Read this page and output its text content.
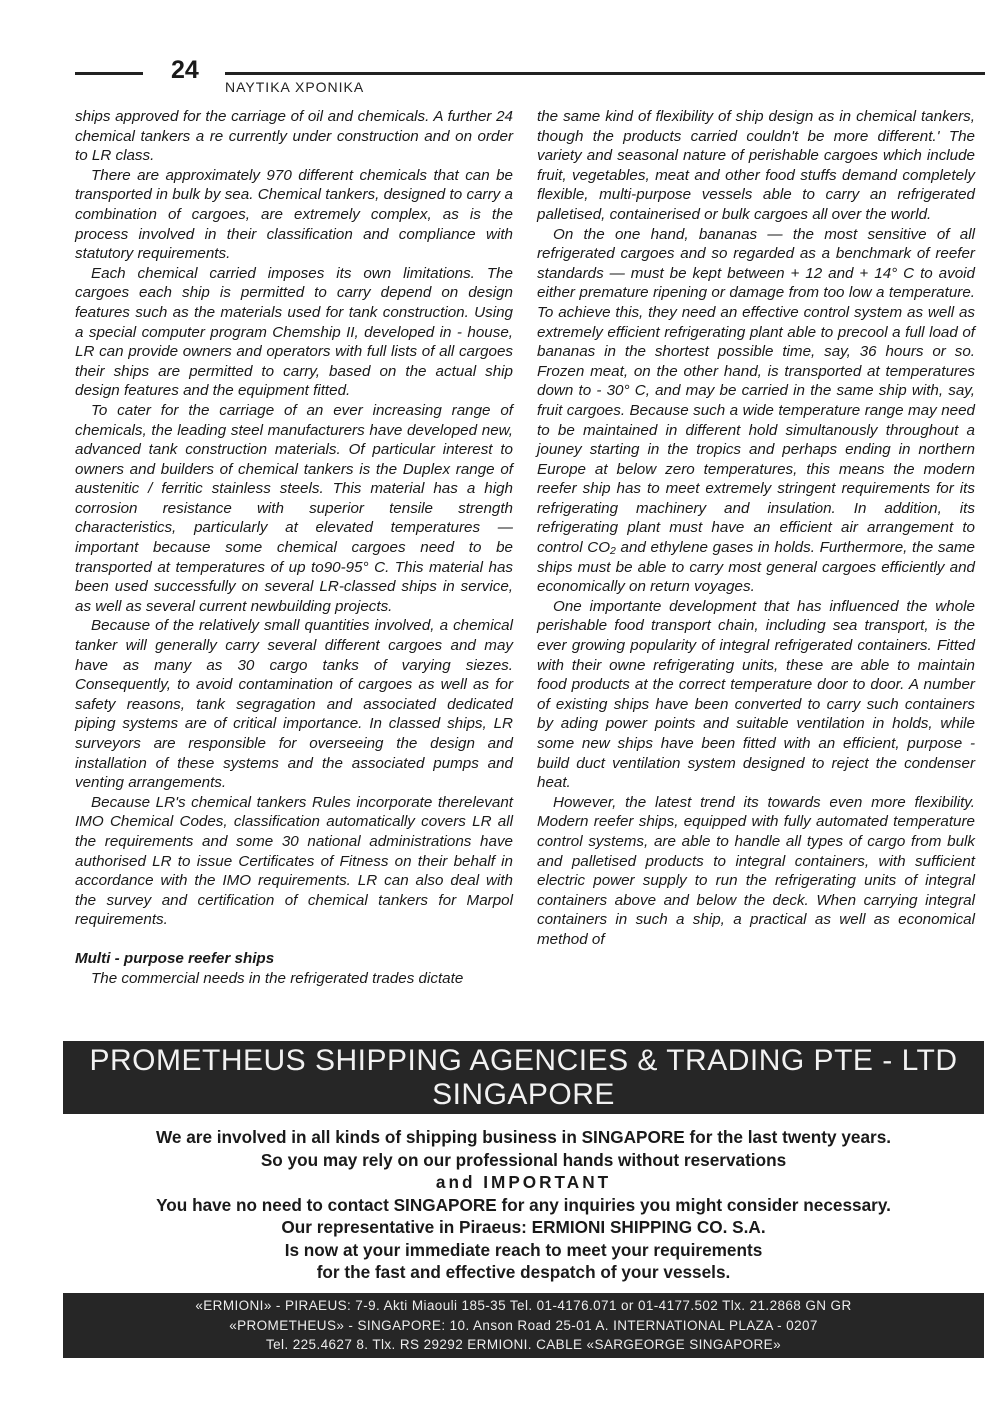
24
ΝΑΥΤΙΚΑ ΧΡΟΝΙΚΑ

ships approved for the carriage of oil and chemicals. A further 24 chemical tankers a re currently under construction and on order to LR class.

There are approximately 970 different chemicals that can be transported in bulk by sea. Chemical tankers, designed to carry a combination of cargoes, are extremely complex, as is the process involved in their classification and compliance with statutory requirements.

Each chemical carried imposes its own limitations. The cargoes each ship is permitted to carry depend on design features such as the materials used for tank construction. Using a special computer program Chemship II, developed in - house, LR can provide owners and operators with full lists of all cargoes their ships are permitted to carry, based on the actual ship design features and the equipment fitted.

To cater for the carriage of an ever increasing range of chemicals, the leading steel manufacturers have developed new, advanced tank construction materials. Of particular interest to owners and builders of chemical tankers is the Duplex range of austenitic / ferritic stainless steels. This material has a high corrosion resistance with superior tensile strength characteristics, particularly at elevated temperatures — important because some chemical cargoes need to be transported at temperatures of up to90-95° C. This material has been used successfully on several LR-classed ships in service, as well as several current newbuilding projects.

Because of the relatively small quantities involved, a chemical tanker will generally carry several different cargoes and may have as many as 30 cargo tanks of varying siezes. Consequently, to avoid contamination of cargoes as well as for safety reasons, tank segragation and associated dedicated piping systems are of critical importance. In classed ships, LR surveyors are responsible for overseeing the design and installation of these systems and the associated pumps and venting arrangements.

Because LR's chemical tankers Rules incorporate therelevant IMO Chemical Codes, classification automatically covers LR all the requirements and some 30 national administrations have authorised LR to issue Certificates of Fitness on their behalf in accordance with the IMO requirements. LR can also deal with the survey and certification of chemical tankers for Marpol requirements.

Multi - purpose reefer ships

The commercial needs in the refrigerated trades dictate

the same kind of flexibility of ship design as in chemical tankers, though the products carried couldn't be more different.' The variety and seasonal nature of perishable cargoes which include fruit, vegetables, meat and other food stuffs demand completely flexible, multi-purpose vessels able to carry an refrigerated palletised, containerised or bulk cargoes all over the world.

On the one hand, bananas — the most sensitive of all refrigerated cargoes and so regarded as a benchmark of reefer standards — must be kept between + 12 and + 14° C to avoid either premature ripening or damage from too low a temperature. To achieve this, they need an effective control system as well as extremely efficient refrigerating plant able to precool a full load of bananas in the shortest possible time, say, 36 hours or so. Frozen meat, on the other hand, is transported at temperatures down to - 30° C, and may be carried in the same ship with, say, fruit cargoes. Because such a wide temperature range may need to be maintained in different hold simultanously throughout a jouney starting in the tropics and perhaps ending in northern Europe at below zero temperatures, this means the modern reefer ship has to meet extremely stringent requirements for its refrigerating machinery and insulation. In addition, its refrigerating plant must have an efficient air arrangement to control CO₂ and ethylene gases in holds. Furthermore, the same ships must be able to carry most general cargoes efficiently and economically on return voyages.

One importante development that has influenced the whole perishable food transport chain, including sea transport, is the ever growing popularity of integral refrigerated containers. Fitted with their owne refrigerating units, these are able to maintain food products at the correct temperature door to door. A number of existing ships have been converted to carry such containers by ading power points and suitable ventilation in holds, while some new ships have been fitted with an efficient, purpose - build duct ventilation system designed to reject the condenser heat.

However, the latest trend its towards even more flexibility. Modern reefer ships, equipped with fully automated temperature control systems, are able to handle all types of cargo from bulk and palletised products to integral containers, with sufficient electric power supply to run the refrigerating units of integral containers above and below the deck. When carrying integral containers in such a ship, a practical as well as economical method of

PROMETHEUS SHIPPING AGENCIES & TRADING PTE - LTD
SINGAPORE
We are involved in all kinds of shipping business in SINGAPORE for the last twenty years.
So you may rely on our professional hands without reservations
and IMPORTANT
You have no need to contact SINGAPORE for any inquiries you might consider necessary.
Our representative in Piraeus: ERMIONI SHIPPING CO. S.A.
Is now at your immediate reach to meet your requirements
for the fast and effective despatch of your vessels.
«ERMIONI» - PIRAEUS: 7-9. Akti Miaouli 185-35 Tel. 01-4176.071 or 01-4177.502 Tlx. 21.2868 GN GR
«PROMETHEUS» - SINGAPORE: 10. Anson Road 25-01 A. INTERNATIONAL PLAZA - 0207
Tel. 225.4627 8. Tlx. RS 29292 ERMIONI. CABLE «SARGEORGE SINGAPORE»
